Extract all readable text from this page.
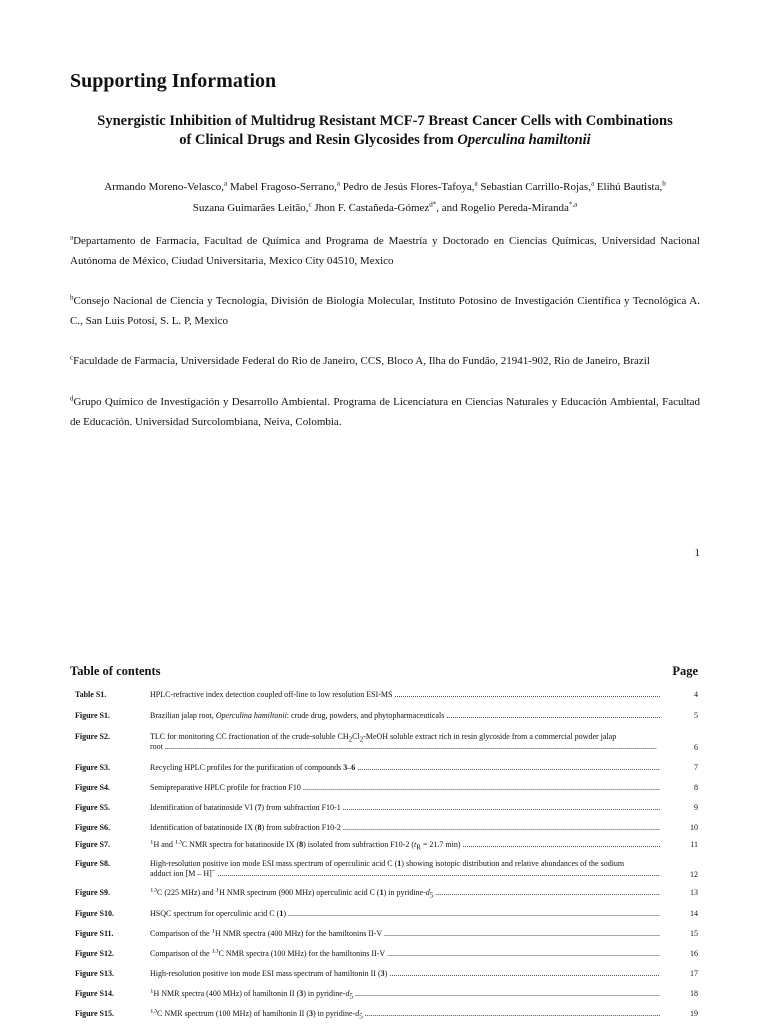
Supporting Information
Synergistic Inhibition of Multidrug Resistant MCF-7 Breast Cancer Cells with Combinations
of Clinical Drugs and Resin Glycosides from Operculina hamiltonii
Armando Moreno-Velasco,$^a$ Mabel Fragoso-Serrano,$^a$ Pedro de Jesús Flores-Tafoya,$^a$ Sebastian Carrillo-Rojas,$^a$ Elihú Bautista,$^b$
Suzana Guimarães Leitão,$^c$ Jhon F. Castañeda-Gómez$^{d*}$, and Rogelio Pereda-Miranda$^{*,a}$
$^a$Departamento de Farmacia, Facultad de Química and Programa de Maestría y Doctorado en Ciencias Químicas, Universidad Nacional Autónoma de México, Ciudad Universitaria, Mexico City 04510, Mexico
$^b$Consejo Nacional de Ciencia y Tecnología, División de Biología Molecular, Instituto Potosino de Investigación Científica y Tecnológica A. C., San Luis Potosí, S. L. P, Mexico
$^c$Faculdade de Farmacia, Universidade Federal do Rio de Janeiro, CCS, Bloco A, Ilha do Fundão, 21941-902, Rio de Janeiro, Brazil
$^d$Grupo Químico de Investigación y Desarrollo Ambiental. Programa de Licenciatura en Ciencias Naturales y Educación Ambiental, Facultad de Educación. Universidad Surcolombiana, Neiva, Colombia.
1
Table of contents	Page
Table S1.	HPLC-refractive index detection coupled off-line to low resolution ESI-MS .....	4
Figure S1.	Brazilian jalap root, Operculina hamiltonii: crude drug, powders, and phytopharmaceuticals .....	5
Figure S2.	TLC for monitoring CC fractionation of the crude-soluble $CH_2Cl_2$-MeOH soluble extract rich in resin glycoside from a commercial powder jalap
root .....	6
Figure S3.	Recycling HPLC profiles for the purification of compounds 3–6 .....	7
Figure S4.	Semipreparative HPLC profile for fraction F10 .....	8
Figure S5.	Identification of batatinoside VI (7) from subfraction F10-1 .....	9
Figure S6.	Identification of batatinoside IX (8) from subfraction F10-2 .....	10
Figure S7.	$^1$H and $^{13}$C NMR spectra for batatinoside IX (8) isolated from subfraction F10-2 ($t_R = 21.7$ min) .....	11
Figure S8.	High-resolution positive ion mode ESI mass spectrum of operculinic acid C (1) showing isotopic distribution and relative abundances of the sodium
adduct ion [M – H]– .....	12
Figure S9.	$^{13}$C (225 MHz) and $^1$H NMR spectrum (900 MHz) operculinic acid C (1) in pyridine-$d_5$ .....	13
Figure S10.	HSQC spectrum for operculinic acid C (1) .....	14
Figure S11.	Comparison of the $^1$H NMR spectra (400 MHz) for the hamiltonins II-V .....	15
Figure S12.	Comparison of the $^{13}$C NMR spectra (100 MHz) for the hamiltonins II-V .....	16
Figure S13.	High-resolution positive ion mode ESI mass spectrum of hamiltonin II (3) .....	17
Figure S14.	$^1$H NMR spectra (400 MHz) of hamiltonin II (3) in pyridine-$d_5$ .....	18
Figure S15.	$^{13}$C NMR spectrum (100 MHz) of hamiltonin II (3) in pyridine-$d_5$ .....	19
